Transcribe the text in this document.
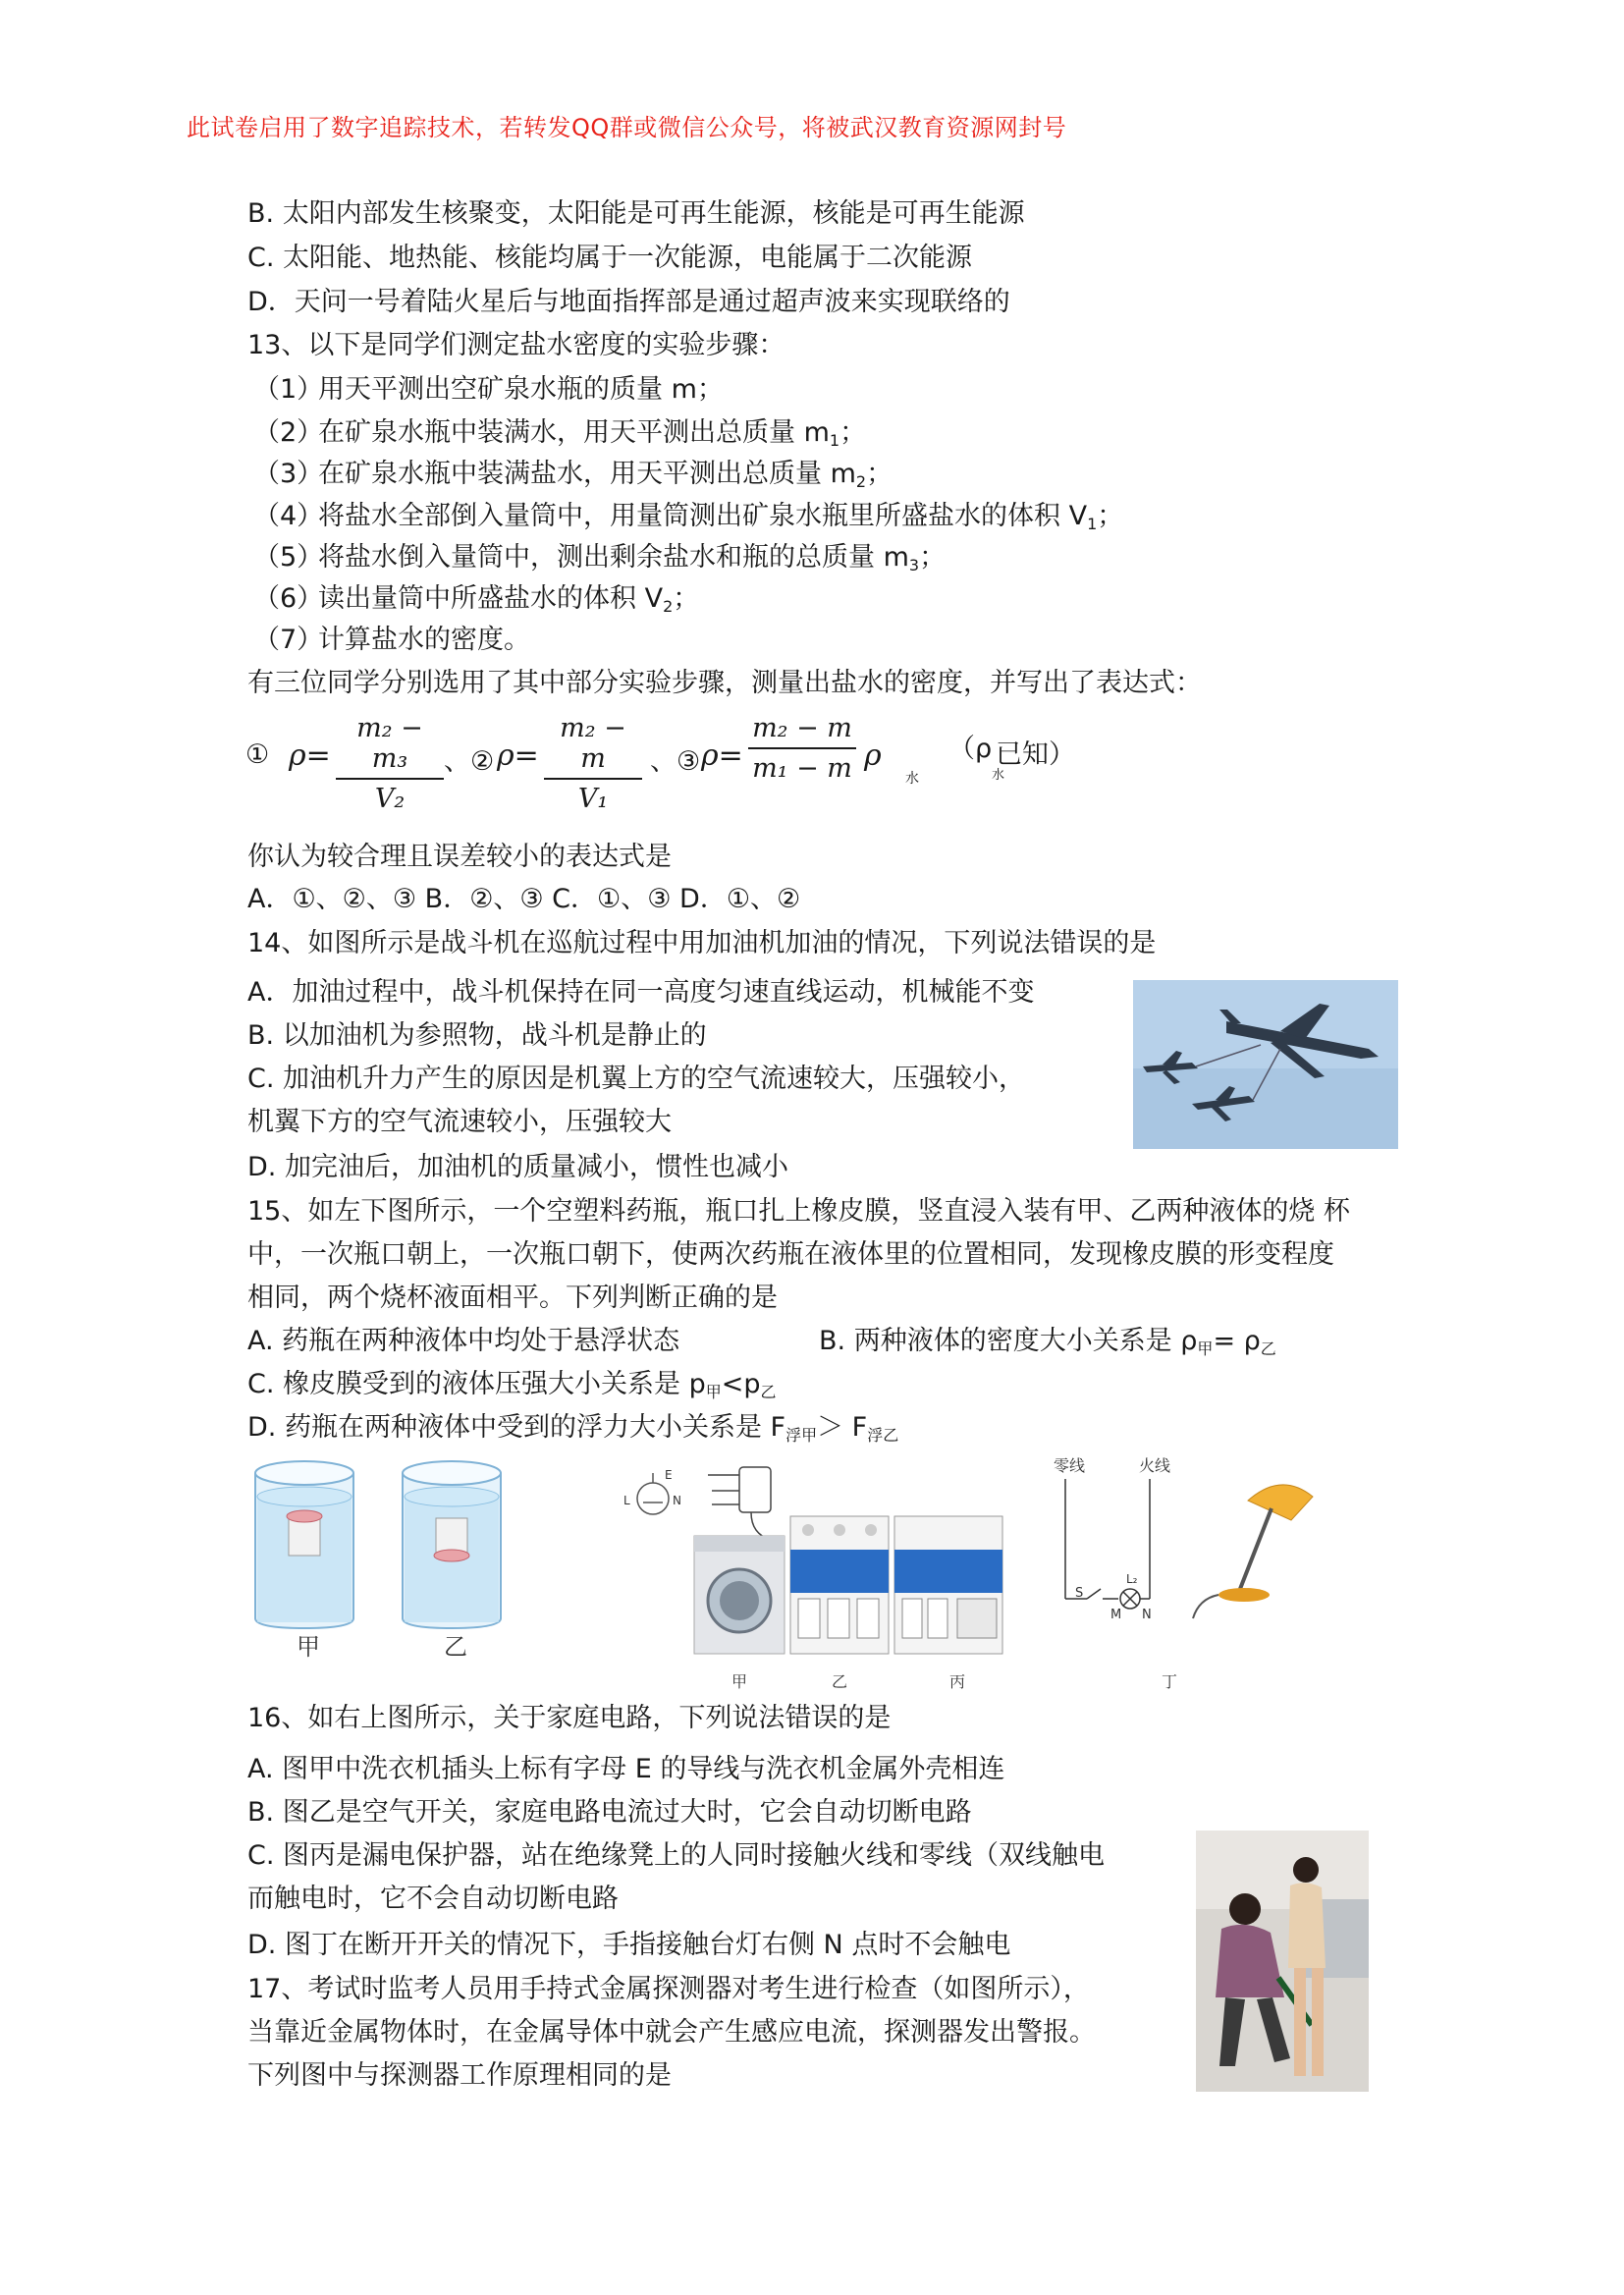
此试卷启用了数字追踪技术，若转发QQ群或微信公众号，将被武汉教育资源网封号
B. 太阳内部发生核聚变，太阳能是可再生能源，核能是可再生能源
C. 太阳能、地热能、核能均属于一次能源，电能属于二次能源
D．天问一号着陆火星后与地面指挥部是通过超声波来实现联络的
13、以下是同学们测定盐水密度的实验步骤：
（1）用天平测出空矿泉水瓶的质量 m；
（2）在矿泉水瓶中装满水，用天平测出总质量 $m_1$；
（3）在矿泉水瓶中装满盐水，用天平测出总质量 $m_2$；
（4）将盐水全部倒入量筒中，用量筒测出矿泉水瓶里所盛盐水的体积 $V_1$；
（5）将盐水倒入量筒中，测出剩余盐水和瓶的总质量 $m_3$；
（6）读出量筒中所盛盐水的体积 $V_2$；
（7）计算盐水的密度。
有三位同学分别选用了其中部分实验步骤，测量出盐水的密度，并写出了表达式：
① ρ=
m₂ − m₃
V₂
、② ρ=
m₂ − m
V₁
、③ ρ=
m₂ − m
m₁ − m ρ
水
（ρ 已知）
水
你认为较合理且误差较小的表达式是
A．①、②、③ B．②、③ C．①、③ D．①、②
14、如图所示是战斗机在巡航过程中用加油机加油的情况，下列说法错误的是
A．加油过程中，战斗机保持在同一高度匀速直线运动，机械能不变
B. 以加油机为参照物，战斗机是静止的
C. 加油机升力产生的原因是机翼上方的空气流速较大，压强较小，
机翼下方的空气流速较小，压强较大
D. 加完油后，加油机的质量减小，惯性也减小
15、如左下图所示，一个空塑料药瓶，瓶口扎上橡皮膜，竖直浸入装有甲、乙两种液体的烧 杯
中，一次瓶口朝上，一次瓶口朝下，使两次药瓶在液体里的位置相同，发现橡皮膜的形变程度
相同，两个烧杯液面相平。下列判断正确的是
A. 药瓶在两种液体中均处于悬浮状态	B. 两种液体的密度大小关系是 $\rho_甲= \rho_乙$
C. 橡皮膜受到的液体压强大小关系是 $p_甲<p_乙$
D. 药瓶在两种液体中受到的浮力大小关系是 $F_{浮甲}> F_{浮乙}$
甲	乙
E
L	N
甲	乙	丙
零线	火线
S
M
L₂
N
丁
16、如右上图所示，关于家庭电路，下列说法错误的是
A. 图甲中洗衣机插头上标有字母 E 的导线与洗衣机金属外壳相连
B. 图乙是空气开关，家庭电路电流过大时，它会自动切断电路
C. 图丙是漏电保护器，站在绝缘凳上的人同时接触火线和零线（双线触电
而触电时，它不会自动切断电路
D. 图丁在断开开关的情况下，手指接触台灯右侧 N 点时不会触电
17、考试时监考人员用手持式金属探测器对考生进行检查（如图所示），
当靠近金属物体时，在金属导体中就会产生感应电流，探测器发出警报。
下列图中与探测器工作原理相同的是
